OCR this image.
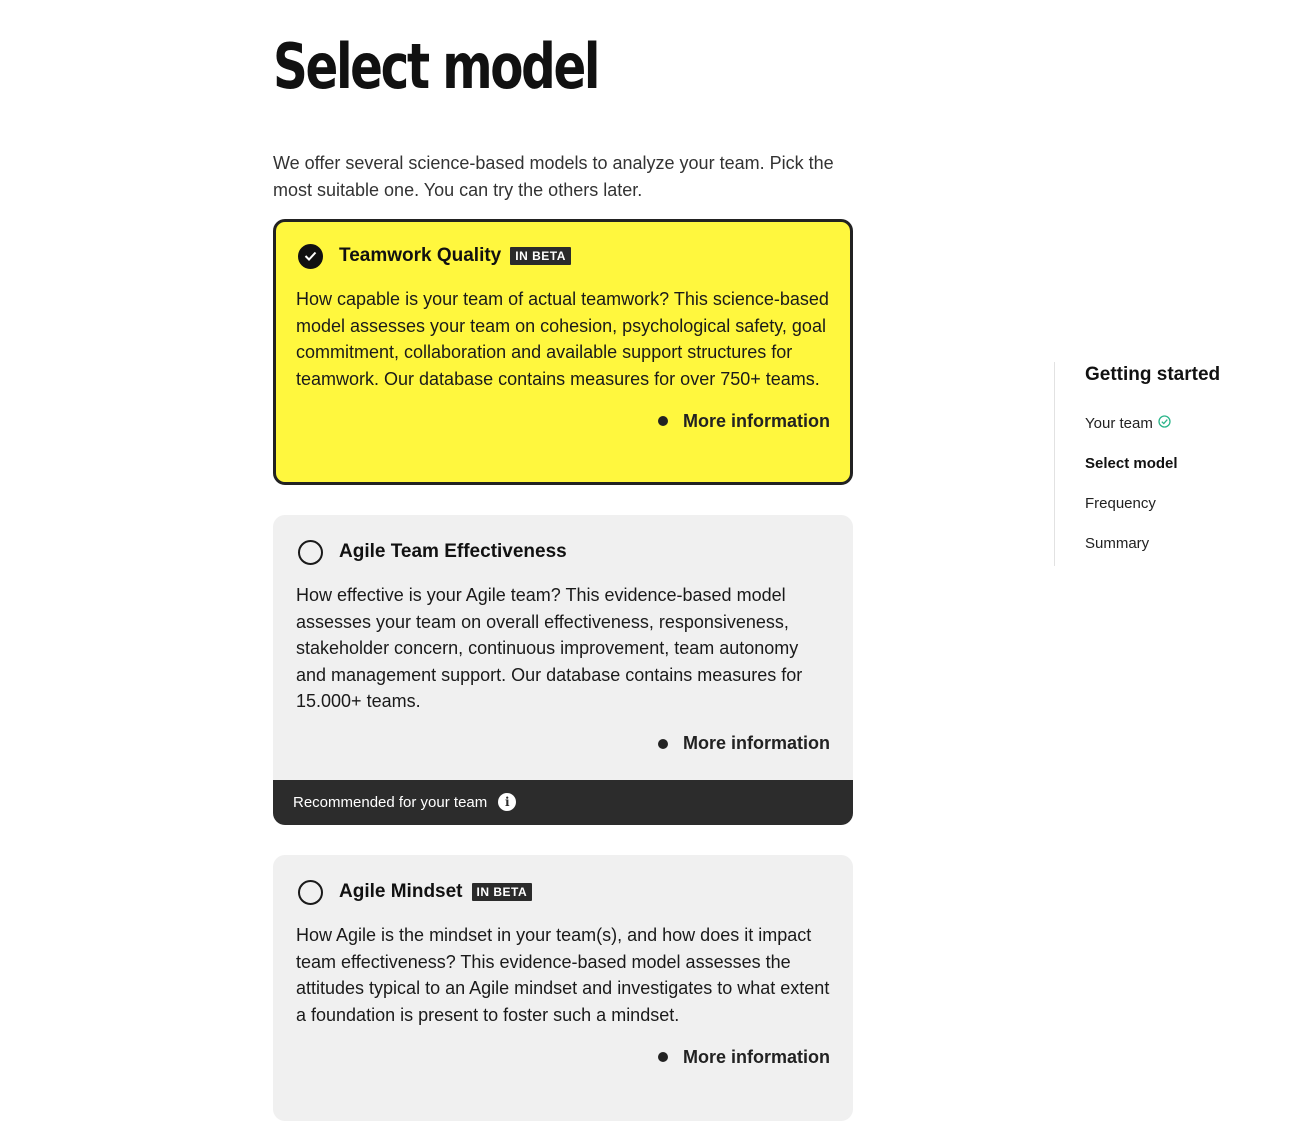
Select model

We offer several science-based models to analyze your team. Pick the most suitable one. You can try the others later.

Teamwork Quality	IN BETA

How capable is your team of actual teamwork? This science-based model assesses your team on cohesion, psychological safety, goal commitment, collaboration and available support structures for teamwork. Our database contains measures for over 750+ teams.

More information
Agile Team Effectiveness

How effective is your Agile team? This evidence-based model assesses your team on overall effectiveness, responsiveness, stakeholder concern, continuous improvement, team autonomy and management support. Our database contains measures for 15.000+ teams.

More information
Recommended for your team	i
Agile Mindset	IN BETA

How Agile is the mindset in your team(s), and how does it impact team effectiveness? This evidence-based model assesses the attitudes typical to an Agile mindset and investigates to what extent a foundation is present to foster such a mindset.

More information
Getting started
Your team
Select model
Frequency
Summary
